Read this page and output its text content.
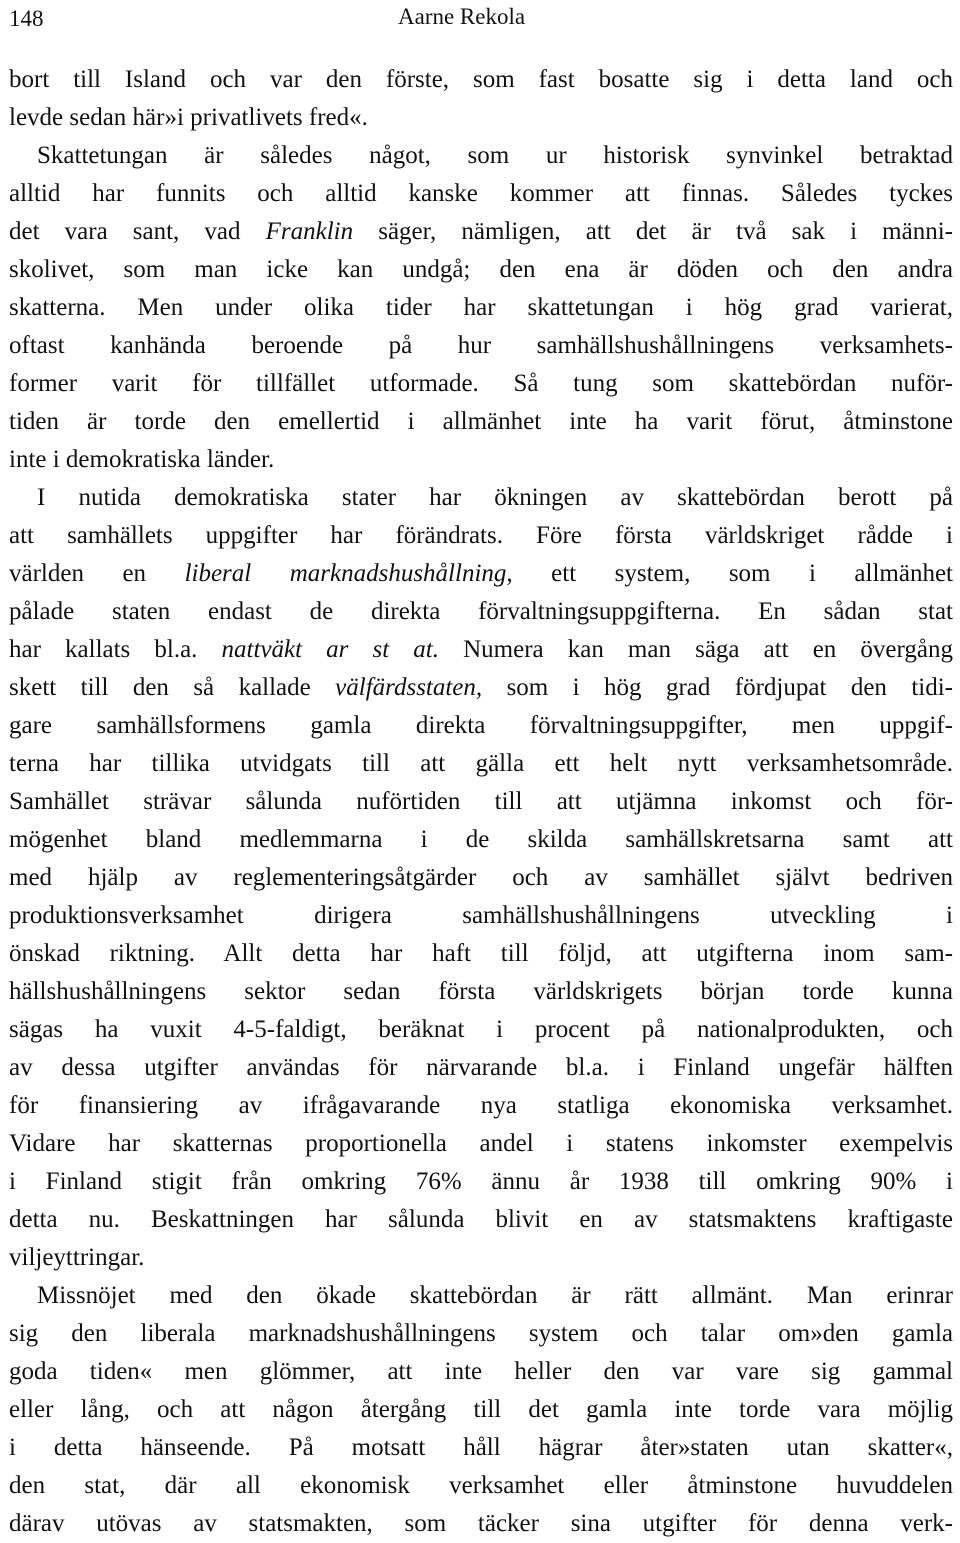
148	Aarne Rekola
bort till Island och var den förste, som fast bosatte sig i detta land och
levde sedan här»i privatlivets fred«.
Skattetungan är således något, som ur historisk synvinkel betraktad
alltid har funnits och alltid kanske kommer att finnas. Således tyckes
det vara sant, vad Franklin säger, nämligen, att det är två sak i männi-
skolivet, som man icke kan undgå; den ena är döden och den andra
skatterna. Men under olika tider har skattetungan i hög grad varierat,
oftast kanhända beroende på hur samhällshushållningens verksamhets-
former varit för tillfället utformade. Så tung som skattebördan nuför-
tiden är torde den emellertid i allmänhet inte ha varit förut, åtminstone
inte i demokratiska länder.
I nutida demokratiska stater har ökningen av skattebördan berott på
att samhällets uppgifter har förändrats. Före första världskriget rådde i
världen en liberal marknadshushållning, ett system, som i allmänhet
pålade staten endast de direkta förvaltningsuppgifterna. En sådan stat
har kallats bl.a. nattväkt ar st at. Numera kan man säga att en övergång
skett till den så kallade välfärdsstaten, som i hög grad fördjupat den tidi-
gare samhällsformens gamla direkta förvaltningsuppgifter, men uppgif-
terna har tillika utvidgats till att gälla ett helt nytt verksamhetsområde.
Samhället strävar sålunda nuförtiden till att utjämna inkomst och för-
mögenhet bland medlemmarna i de skilda samhällskretsarna samt att
med hjälp av reglementeringsåtgärder och av samhället självt bedriven
produktionsverksamhet dirigera samhällshushållningens utveckling i
önskad riktning. Allt detta har haft till följd, att utgifterna inom sam-
hällshushållningens sektor sedan första världskrigets början torde kunna
sägas ha vuxit 4-5-faldigt, beräknat i procent på nationalprodukten, och
av dessa utgifter användas för närvarande bl.a. i Finland ungefär hälften
för finansiering av ifrågavarande nya statliga ekonomiska verksamhet.
Vidare har skatternas proportionella andel i statens inkomster exempelvis
i Finland stigit från omkring 76% ännu år 1938 till omkring 90% i
detta nu. Beskattningen har sålunda blivit en av statsmaktens kraftigaste
viljeyttringar.
Missnöjet med den ökade skattebördan är rätt allmänt. Man erinrar
sig den liberala marknadshushållningens system och talar om»den gamla
goda tiden« men glömmer, att inte heller den var vare sig gammal
eller lång, och att någon återgång till det gamla inte torde vara möjlig
i detta hänseende. På motsatt håll hägrar åter»staten utan skatter«,
den stat, där all ekonomisk verksamhet eller åtminstone huvuddelen
därav utövas av statsmakten, som täcker sina utgifter för denna verk-
